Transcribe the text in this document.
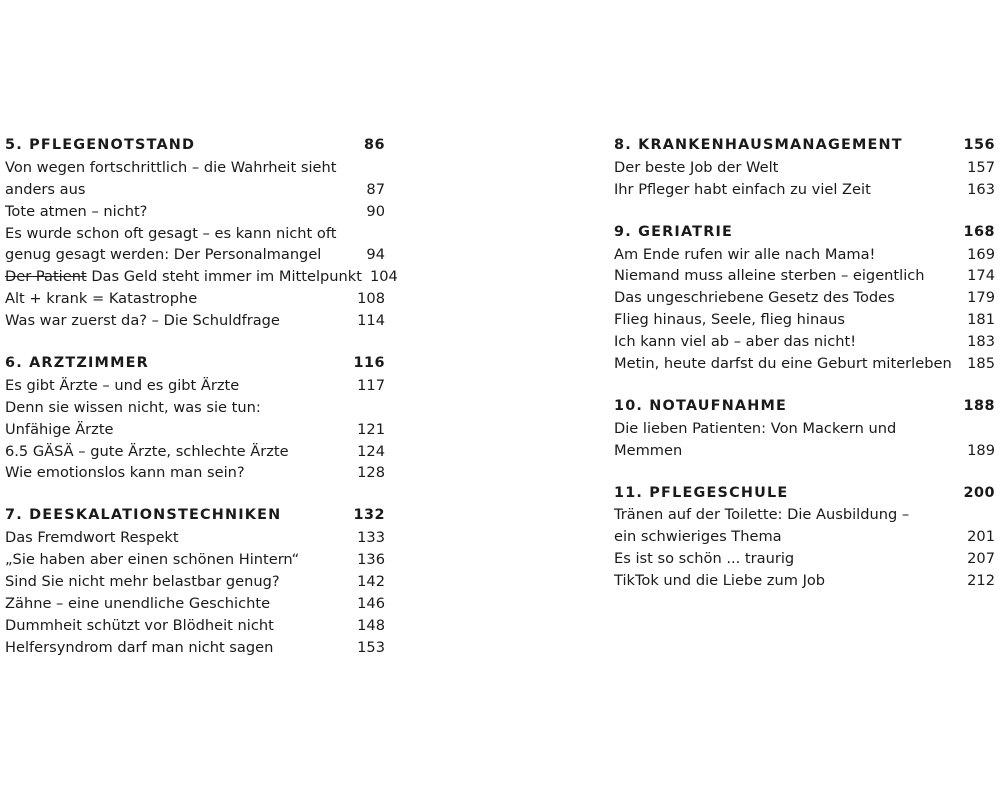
5. PFLEGENOTSTAND	86
Von wegen fortschrittlich – die Wahrheit sieht
anders aus	87
Tote atmen – nicht?	90
Es wurde schon oft gesagt – es kann nicht oft
genug gesagt werden: Der Personalmangel	94
Der Patient Das Geld steht immer im Mittelpunkt 104
Alt + krank = Katastrophe	108
Was war zuerst da? – Die Schuldfrage	114
6. ARZTZIMMER	116
Es gibt Ärzte – und es gibt Ärzte	117
Denn sie wissen nicht, was sie tun:
Unfähige Ärzte	121
6.5 GÄSÄ – gute Ärzte, schlechte Ärzte	124
Wie emotionslos kann man sein?	128
7. DEESKALATIONSTECHNIKEN	132
Das Fremdwort Respekt	133
„Sie haben aber einen schönen Hintern“	136
Sind Sie nicht mehr belastbar genug?	142
Zähne – eine unendliche Geschichte	146
Dummheit schützt vor Blödheit nicht	148
Helfersyndrom darf man nicht sagen	153
8. KRANKENHAUSMANAGEMENT	156
Der beste Job der Welt	157
Ihr Pfleger habt einfach zu viel Zeit	163
9. GERIATRIE	168
Am Ende rufen wir alle nach Mama!	169
Niemand muss alleine sterben – eigentlich	174
Das ungeschriebene Gesetz des Todes	179
Flieg hinaus, Seele, flieg hinaus	181
Ich kann viel ab – aber das nicht!	183
Metin, heute darfst du eine Geburt miterleben 185
10. NOTAUFNAHME	188
Die lieben Patienten: Von Mackern und
Memmen	189
11. PFLEGESCHULE	200
Tränen auf der Toilette: Die Ausbildung –
ein schwieriges Thema	201
Es ist so schön ... traurig	207
TikTok und die Liebe zum Job	212
